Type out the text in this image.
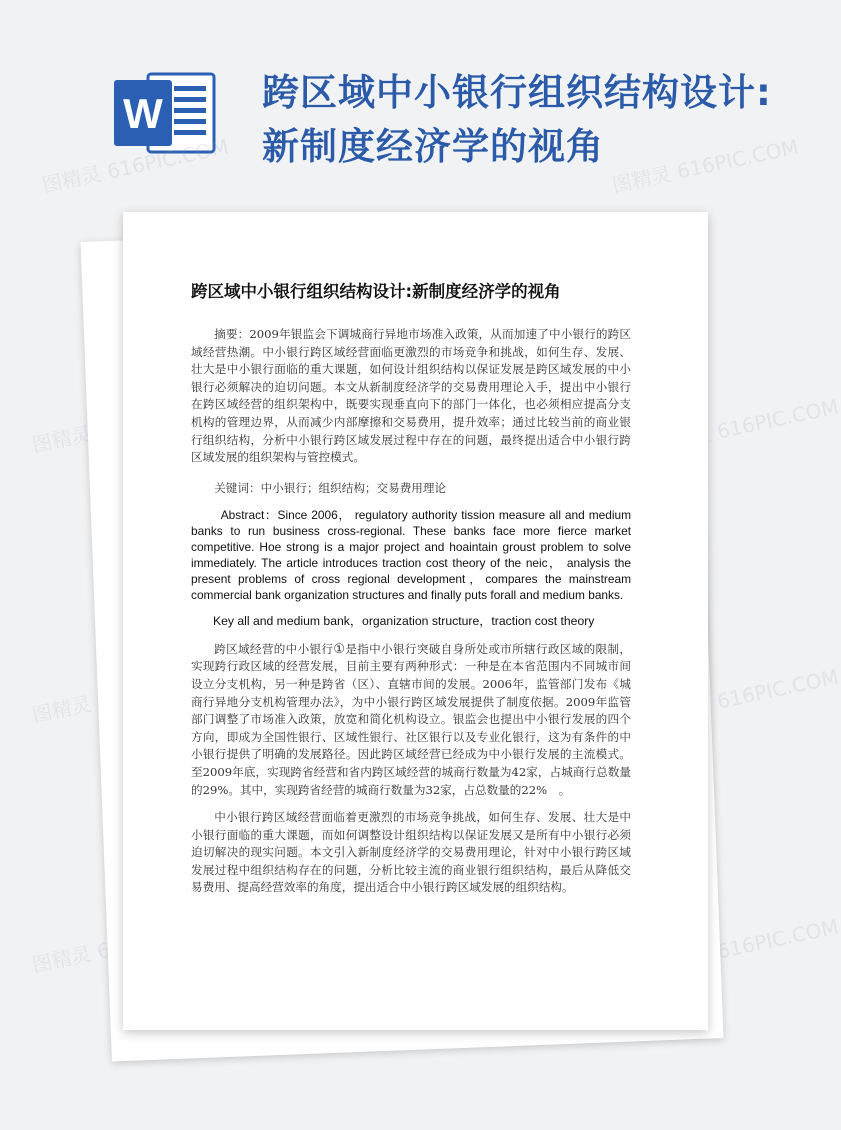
W	跨区域中小银行组织结构设计:新制度经济学的视角
图精灵 616PIC.COM	图精灵 616PIC.COM
图精灵	图精灵 616PIC.COM
图精灵	图精灵 616PIC.COM
图精灵	图精灵 616PIC.COM
跨区域中小银行组织结构设计:新制度经济学的视角

摘要：2009年银监会下调城商行异地市场准入政策，从而加速了中小银行的跨区域经营热潮。中小银行跨区域经营面临更激烈的市场竞争和挑战，如何生存、发展、壮大是中小银行面临的重大课题，如何设计组织结构以保证发展是跨区域发展的中小银行必须解决的迫切问题。本文从新制度经济学的交易费用理论入手，提出中小银行在跨区域经营的组织架构中，既要实现垂直向下的部门一体化，也必须相应提高分支机构的管理边界，从而减少内部摩擦和交易费用，提升效率；通过比较当前的商业银行组织结构，分析中小银行跨区域发展过程中存在的问题，最终提出适合中小银行跨区域发展的组织架构与管控模式。

关键词：中小银行；组织结构；交易费用理论

Abstract：Since 2006， regulatory authority tission measure all and medium banks to run business cross-regional. These banks face more fierce market competitive. Hoe strong is a major project and hoaintain groust problem to solve immediately. The article introduces traction cost theory of the neic， analysis the present problems of cross regional development，compares the mainstream commercial bank organization structures and finally puts forall and medium banks.

Key all and medium bank，organization structure，traction cost theory

跨区域经营的中小银行①是指中小银行突破自身所处或市所辖行政区域的限制，实现跨行政区域的经营发展，目前主要有两种形式：一种是在本省范围内不同城市间设立分支机构，另一种是跨省（区）、直辖市间的发展。2006年，监管部门发布《城商行异地分支机构管理办法》，为中小银行跨区域发展提供了制度依据。2009年监管部门调整了市场准入政策，放宽和简化机构设立。银监会也提出中小银行发展的四个方向，即成为全国性银行、区域性银行、社区银行以及专业化银行，这为有条件的中小银行提供了明确的发展路径。因此跨区域经营已经成为中小银行发展的主流模式。至2009年底，实现跨省经营和省内跨区域经营的城商行数量为42家，占城商行总数量的29%。其中，实现跨省经营的城商行数量为32家，占总数量的22%　。

中小银行跨区域经营面临着更激烈的市场竞争挑战，如何生存、发展、壮大是中小银行面临的重大课题，而如何调整设计组织结构以保证发展又是所有中小银行必须迫切解决的现实问题。本文引入新制度经济学的交易费用理论，针对中小银行跨区域发展过程中组织结构存在的问题，分析比较主流的商业银行组织结构，最后从降低交易费用、提高经营效率的角度，提出适合中小银行跨区域发展的组织结构。
